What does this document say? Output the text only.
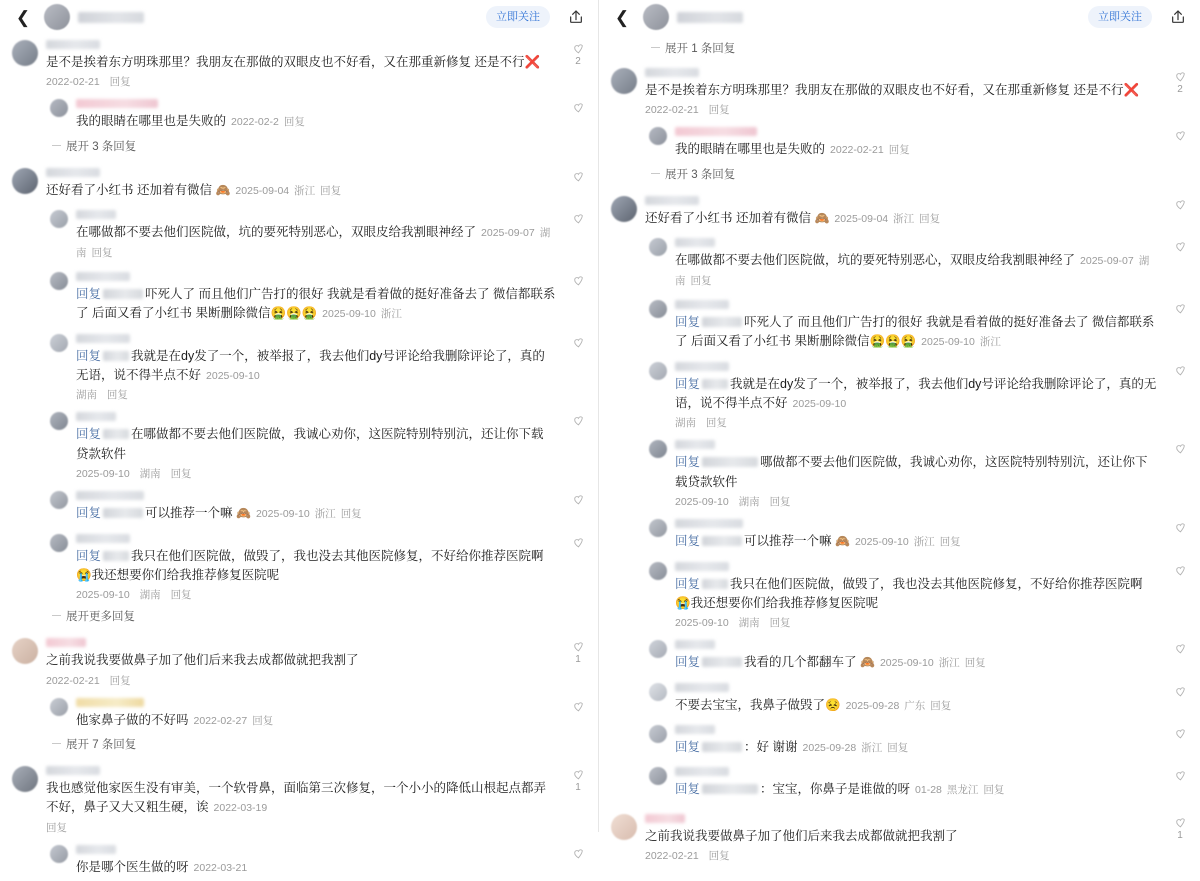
❮	立即关注
是不是挨着东方明珠那里？我朋友在那做的双眼皮也不好看，又在那重新修复 还是不行❌
2022-02-21 回复
2
我的眼睛在哪里也是失败的 2022-02-2 回复
展开 3 条回复
还好看了小红书 还加着有微信 🙈 2025-09-04 浙江 回复
在哪做都不要去他们医院做，坑的要死特别恶心，双眼皮给我割眼神经了 2025-09-07 湖南 回复
回复	吓死人了 而且他们广告打的很好 我就是看着做的挺好准备去了 微信都联系了 后面又看了小红书 果断删除微信🤮🤮🤮 2025-09-10 浙江
回复 我就是在dy发了一个，被举报了，我去他们dy号评论给我删除评论了，真的无语，说不得半点不好 2025-09-10
湖南 回复
回复 在哪做都不要去他们医院做，我诚心劝你，这医院特别特别沆，还让你下载贷款软件
2025-09-10 湖南 回复
回复	可以推荐一个嘛 🙈 2025-09-10 浙江 回复
回复 我只在他们医院做，做毁了，我也没去其他医院修复，不好给你推荐医院啊😭我还想要你们给我推荐修复医院呢
2025-09-10 湖南 回复
展开更多回复
之前我说我要做鼻子加了他们后来我去成都做就把我割了
2022-02-21 回复
1
他家鼻子做的不好吗 2022-02-27 回复
展开 7 条回复
我也感觉他家医生没有审美，一个软骨鼻，面临第三次修复，一个小小的降低山根起点都弄不好，鼻子又大又粗生硬，诶 2022-03-19
回复
1
你是哪个医生做的呀 2022-03-21
❮	立即关注
展开 1 条回复
是不是挨着东方明珠那里？我朋友在那做的双眼皮也不好看，又在那重新修复 还是不行❌
2022-02-21 回复
2
我的眼睛在哪里也是失败的 2022-02-21 回复
展开 3 条回复
还好看了小红书 还加着有微信 🙈 2025-09-04 浙江 回复
在哪做都不要去他们医院做，坑的要死特别恶心，双眼皮给我割眼神经了 2025-09-07 湖南 回复
回复	吓死人了 而且他们广告打的很好 我就是看着做的挺好准备去了 微信都联系了 后面又看了小红书 果断删除微信🤮🤮🤮 2025-09-10 浙江
回复 我就是在dy发了一个，被举报了，我去他们dy号评论给我删除评论了，真的无语，说不得半点不好 2025-09-10
湖南 回复
回复	哪做都不要去他们医院做，我诚心劝你，这医院特别特别沆，还让你下载贷款软件
2025-09-10 湖南 回复
回复	可以推荐一个嘛 🙈 2025-09-10 浙江 回复
回复 我只在他们医院做，做毁了，我也没去其他医院修复，不好给你推荐医院啊😭我还想要你们给我推荐修复医院呢
2025-09-10 湖南 回复
回复	我看的几个都翻车了 🙈 2025-09-10 浙江 回复
不要去宝宝，我鼻子做毁了😣 2025-09-28 广东 回复
回复	：好 谢谢 2025-09-28 浙江 回复
回复	：宝宝，你鼻子是谁做的呀 01-28 黑龙江 回复
之前我说我要做鼻子加了他们后来我去成都做就把我割了
2022-02-21 回复
1
